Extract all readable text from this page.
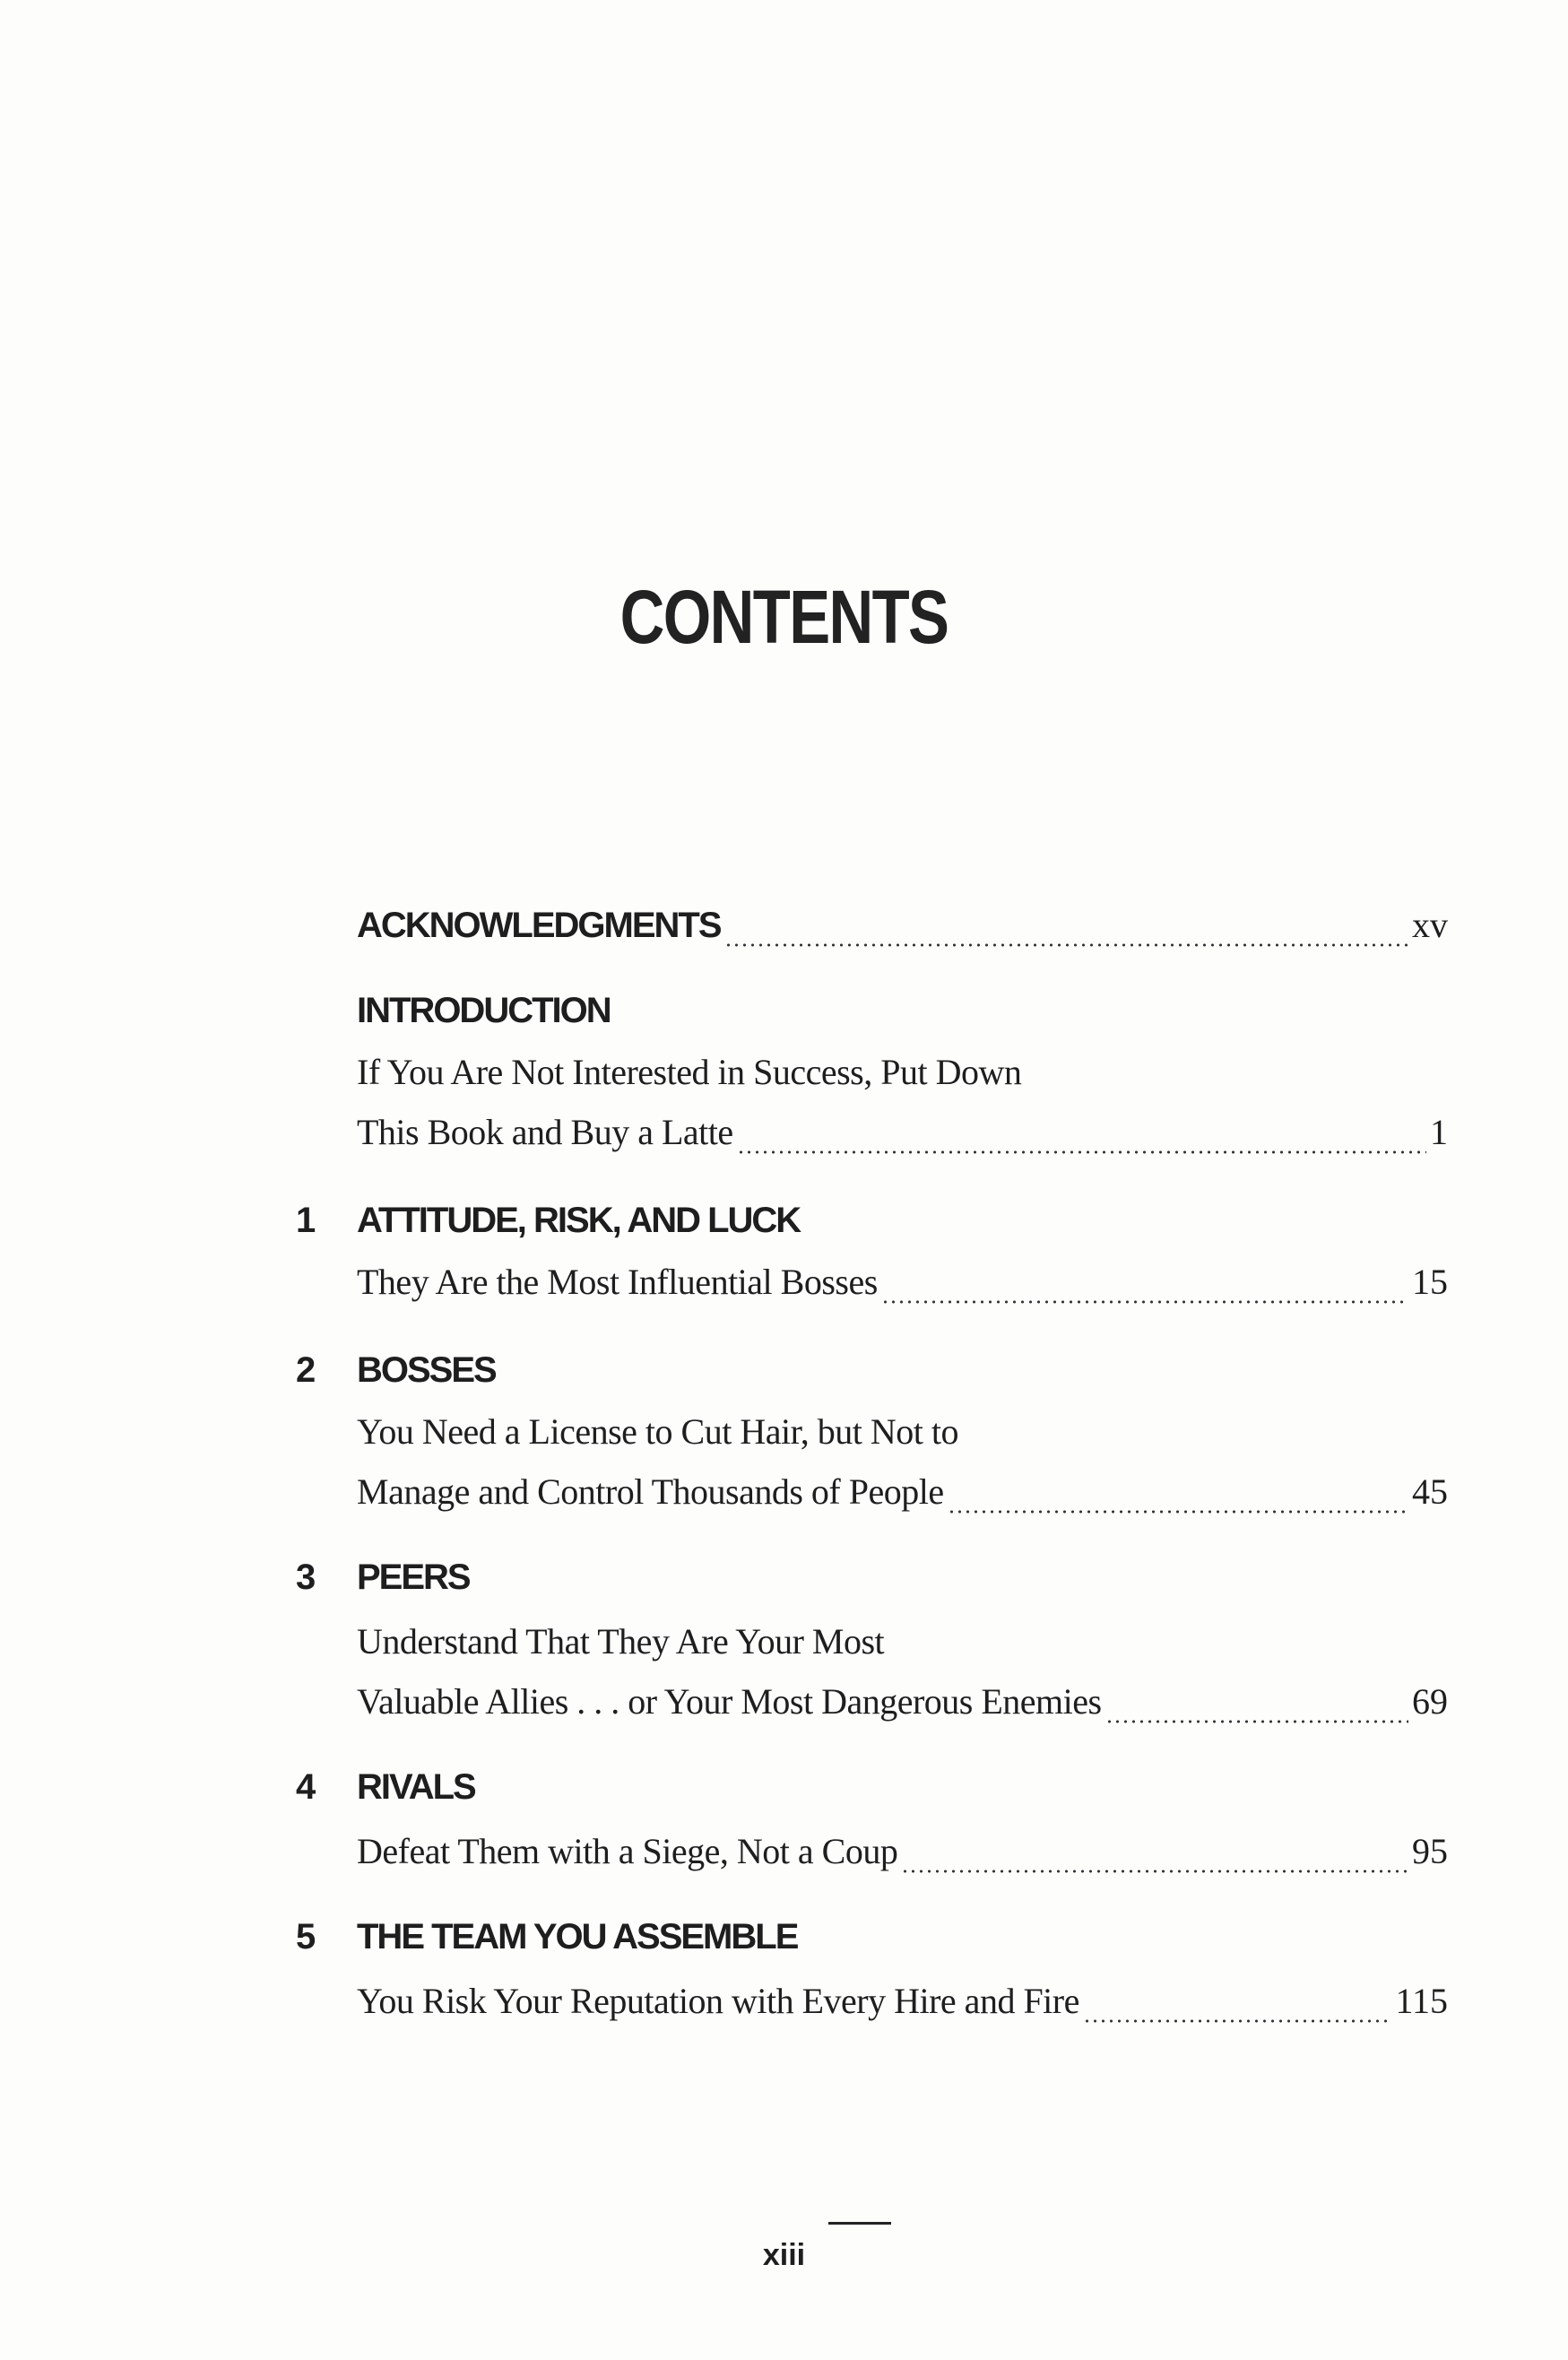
CONTENTS
ACKNOWLEDGMENTS	xv
INTRODUCTION
If You Are Not Interested in Success, Put Down
This Book and Buy a Latte	1
1	ATTITUDE, RISK, AND LUCK
They Are the Most Influential Bosses	15
2	BOSSES
You Need a License to Cut Hair, but Not to
Manage and Control Thousands of People	45
3	PEERS
Understand That They Are Your Most
Valuable Allies . . . or Your Most Dangerous Enemies	69
4	RIVALS
Defeat Them with a Siege, Not a Coup	95
5	THE TEAM YOU ASSEMBLE
You Risk Your Reputation with Every Hire and Fire	115
xiii
